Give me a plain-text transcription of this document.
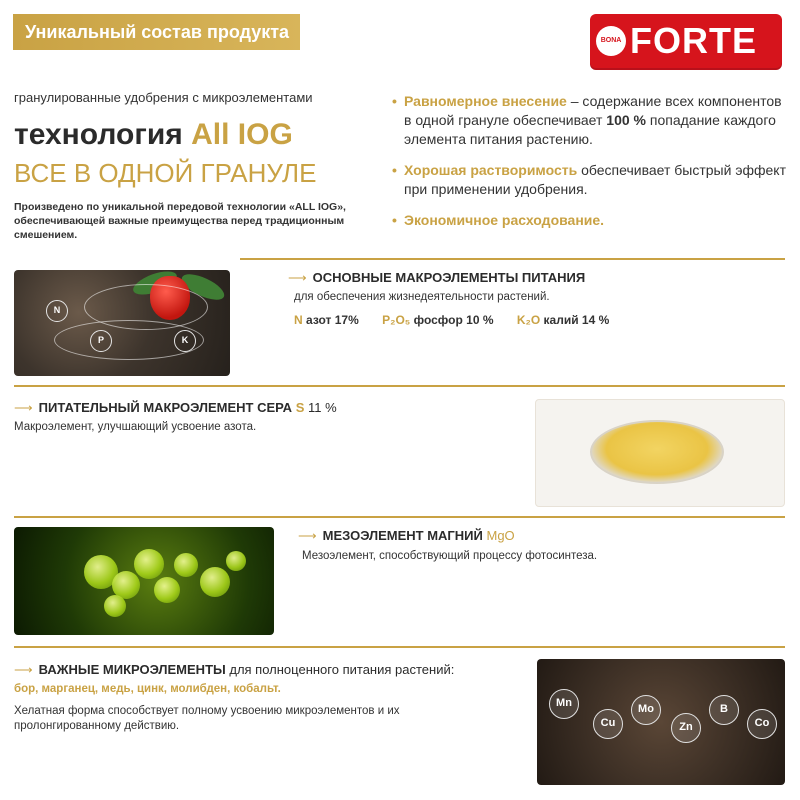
Уникальный состав продукта	BONA FORTE
гранулированные удобрения с микроэлементами
технология All IOG
ВСЕ В ОДНОЙ ГРАНУЛЕ
Произведено по уникальной передовой технологии «ALL IOG», обеспечивающей важные преимущества перед традиционным смешением.
• Равномерное внесение – содержание всех компонентов в одной грануле обеспечивает 100 % попадание каждого элемента питания растению.
• Хорошая растворимость обеспечивает быстрый эффект при применении удобрения.
• Экономичное расходование.
N
P	K
⟶ ОСНОВНЫЕ МАКРОЭЛЕМЕНТЫ ПИТАНИЯ
для обеспечения жизнедеятельности растений.
N азот 17% P₂O₅ фосфор 10 % K₂O калий 14 %
⟶ ПИТАТЕЛЬНЫЙ МАКРОЭЛЕМЕНТ СЕРА S 11 %
Макроэлемент, улучшающий усвоение азота.
⟶ МЕЗОЭЛЕМЕНТ МАГНИЙ MgO
Мезоэлемент, способствующий процессу фотосинтеза.
⟶ ВАЖНЫЕ МИКРОЭЛЕМЕНТЫ для полноценного питания растений:
бор, марганец, медь, цинк, молибден, кобальт.
Хелатная форма способствует полному усвоению микроэлементов и их пролонгированному действию.
Mn
Cu
Mo
Zn
B
Co
